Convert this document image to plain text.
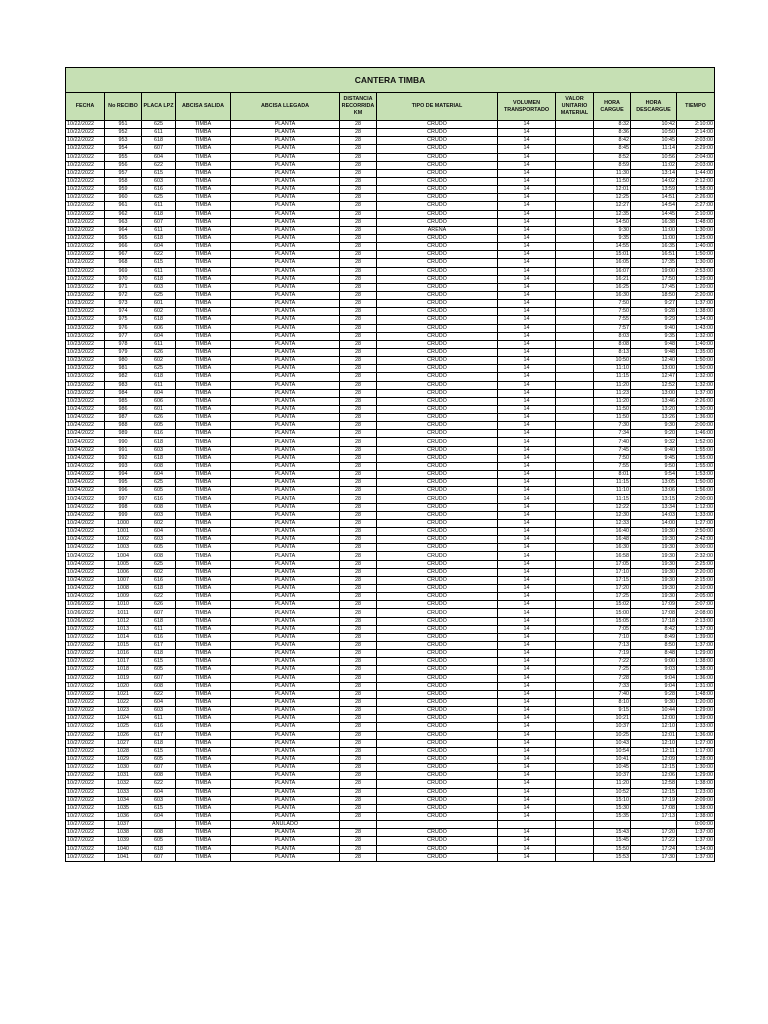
CANTERA TIMBA											
FECHA	No RECIBO	PLACA LPZ	ABCISA SALIDA	ABCISA LLEGADA	DISTANCIA RECORRIDA KM	TIPO DE MATERIAL	VOLUMEN TRANSPORTADO	VALOR UNITARIO MATERIAL	HORA CARGUE	HORA DESCARGUE	TIEMPO
10/22/2022	951	625	TIMBA	PLANTA	28	CRUDO	14		8:32	10:42	2:10:00
10/22/2022	952	611	TIMBA	PLANTA	28	CRUDO	14		8:36	10:50	2:14:00
10/22/2022	953	618	TIMBA	PLANTA	28	CRUDO	14		8:42	10:45	2:03:00
10/22/2022	954	607	TIMBA	PLANTA	28	CRUDO	14		8:45	11:14	2:29:00
10/22/2022	955	604	TIMBA	PLANTA	28	CRUDO	14		8:52	10:56	2:04:00
10/22/2022	956	622	TIMBA	PLANTA	28	CRUDO	14		8:59	11:02	2:03:00
10/22/2022	957	615	TIMBA	PLANTA	28	CRUDO	14		11:30	13:14	1:44:00
10/22/2022	958	603	TIMBA	PLANTA	28	CRUDO	14		11:50	14:02	2:12:00
10/22/2022	959	616	TIMBA	PLANTA	28	CRUDO	14		12:01	13:59	1:58:00
10/22/2022	960	625	TIMBA	PLANTA	28	CRUDO	14		12:25	14:51	2:26:00
10/22/2022	961	611	TIMBA	PLANTA	28	CRUDO	14		12:27	14:54	2:27:00
10/22/2022	962	618	TIMBA	PLANTA	28	CRUDO	14		12:35	14:45	2:10:00
10/22/2022	963	607	TIMBA	PLANTA	28	CRUDO	14		14:50	16:38	1:48:00
10/22/2022	964	611	TIMBA	PLANTA	28	ARENA	14		9:30	11:00	1:30:00
10/22/2022	965	618	TIMBA	PLANTA	28	CRUDO	14		9:35	11:00	1:25:00
10/22/2022	966	604	TIMBA	PLANTA	28	CRUDO	14		14:55	16:35	1:40:00
10/22/2022	967	622	TIMBA	PLANTA	28	CRUDO	14		15:01	16:51	1:50:00
10/22/2022	968	615	TIMBA	PLANTA	28	CRUDO	14		16:05	17:35	1:30:00
10/22/2022	969	611	TIMBA	PLANTA	28	CRUDO	14		16:07	19:00	2:53:00
10/22/2022	970	618	TIMBA	PLANTA	28	CRUDO	14		16:21	17:50	1:29:00
10/23/2022	971	603	TIMBA	PLANTA	28	CRUDO	14		16:25	17:45	1:20:00
10/23/2022	972	625	TIMBA	PLANTA	28	CRUDO	14		16:30	18:50	2:20:00
10/23/2022	973	601	TIMBA	PLANTA	28	CRUDO	14		7:50	9:27	1:37:00
10/23/2022	974	602	TIMBA	PLANTA	28	CRUDO	14		7:50	9:28	1:38:00
10/23/2022	975	618	TIMBA	PLANTA	28	CRUDO	14		7:55	9:29	1:34:00
10/23/2022	976	606	TIMBA	PLANTA	28	CRUDO	14		7:57	9:40	1:43:00
10/23/2022	977	604	TIMBA	PLANTA	28	CRUDO	14		8:03	9:35	1:32:00
10/23/2022	978	611	TIMBA	PLANTA	28	CRUDO	14		8:08	9:48	1:40:00
10/23/2022	979	626	TIMBA	PLANTA	28	CRUDO	14		8:13	9:48	1:35:00
10/23/2022	980	602	TIMBA	PLANTA	28	CRUDO	14		10:50	12:40	1:50:00
10/23/2022	981	625	TIMBA	PLANTA	28	CRUDO	14		11:10	13:00	1:50:00
10/23/2022	982	618	TIMBA	PLANTA	28	CRUDO	14		11:15	12:47	1:32:00
10/23/2022	983	611	TIMBA	PLANTA	28	CRUDO	14		11:20	12:52	1:32:00
10/23/2022	984	604	TIMBA	PLANTA	28	CRUDO	14		11:23	13:00	1:37:00
10/23/2022	985	606	TIMBA	PLANTA	28	CRUDO	14		11:20	13:46	2:26:00
10/24/2022	986	601	TIMBA	PLANTA	28	CRUDO	14		11:50	13:20	1:30:00
10/24/2022	987	626	TIMBA	PLANTA	28	CRUDO	14		11:50	13:26	1:36:00
10/24/2022	988	605	TIMBA	PLANTA	28	CRUDO	14		7:30	9:30	2:00:00
10/24/2022	989	616	TIMBA	PLANTA	28	CRUDO	14		7:34	9:20	1:46:00
10/24/2022	990	618	TIMBA	PLANTA	28	CRUDO	14		7:40	9:32	1:52:00
10/24/2022	991	603	TIMBA	PLANTA	28	CRUDO	14		7:45	9:40	1:55:00
10/24/2022	992	618	TIMBA	PLANTA	28	CRUDO	14		7:50	9:45	1:55:00
10/24/2022	993	608	TIMBA	PLANTA	28	CRUDO	14		7:55	9:50	1:55:00
10/24/2022	994	604	TIMBA	PLANTA	28	CRUDO	14		8:01	9:54	1:53:00
10/24/2022	995	625	TIMBA	PLANTA	28	CRUDO	14		11:15	13:05	1:50:00
10/24/2022	996	605	TIMBA	PLANTA	28	CRUDO	14		11:10	13:06	1:56:00
10/24/2022	997	616	TIMBA	PLANTA	28	CRUDO	14		11:15	13:15	2:00:00
10/24/2022	998	608	TIMBA	PLANTA	28	CRUDO	14		12:22	13:34	1:12:00
10/24/2022	999	603	TIMBA	PLANTA	28	CRUDO	14		12:30	14:03	1:33:00
10/24/2022	1000	602	TIMBA	PLANTA	28	CRUDO	14		12:33	14:00	1:27:00
10/24/2022	1001	604	TIMBA	PLANTA	28	CRUDO	14		16:40	19:30	2:50:00
10/24/2022	1002	603	TIMBA	PLANTA	28	CRUDO	14		16:48	19:30	2:42:00
10/24/2022	1003	605	TIMBA	PLANTA	28	CRUDO	14		16:30	19:30	3:00:00
10/24/2022	1004	608	TIMBA	PLANTA	28	CRUDO	14		16:58	19:30	2:32:00
10/24/2022	1005	625	TIMBA	PLANTA	28	CRUDO	14		17:05	19:30	2:25:00
10/24/2022	1006	602	TIMBA	PLANTA	28	CRUDO	14		17:10	19:30	2:20:00
10/24/2022	1007	616	TIMBA	PLANTA	28	CRUDO	14		17:15	19:30	2:15:00
10/24/2022	1008	618	TIMBA	PLANTA	28	CRUDO	14		17:20	19:30	2:10:00
10/24/2022	1009	622	TIMBA	PLANTA	28	CRUDO	14		17:25	19:30	2:05:00
10/26/2022	1010	626	TIMBA	PLANTA	28	CRUDO	14		15:02	17:09	2:07:00
10/26/2022	1011	607	TIMBA	PLANTA	28	CRUDO	14		15:00	17:08	2:08:00
10/26/2022	1012	618	TIMBA	PLANTA	28	CRUDO	14		15:05	17:18	2:13:00
10/27/2022	1013	611	TIMBA	PLANTA	28	CRUDO	14		7:05	8:42	1:37:00
10/27/2022	1014	616	TIMBA	PLANTA	28	CRUDO	14		7:10	8:49	1:39:00
10/27/2022	1015	617	TIMBA	PLANTA	28	CRUDO	14		7:13	8:50	1:37:00
10/27/2022	1016	618	TIMBA	PLANTA	28	CRUDO	14		7:19	8:48	1:29:00
10/27/2022	1017	615	TIMBA	PLANTA	28	CRUDO	14		7:22	9:00	1:38:00
10/27/2022	1018	605	TIMBA	PLANTA	28	CRUDO	14		7:25	9:03	1:38:00
10/27/2022	1019	607	TIMBA	PLANTA	28	CRUDO	14		7:28	9:04	1:36:00
10/27/2022	1020	608	TIMBA	PLANTA	28	CRUDO	14		7:33	9:04	1:31:00
10/27/2022	1021	622	TIMBA	PLANTA	28	CRUDO	14		7:40	9:28	1:48:00
10/27/2022	1022	604	TIMBA	PLANTA	28	CRUDO	14		8:10	9:30	1:20:00
10/27/2022	1023	603	TIMBA	PLANTA	28	CRUDO	14		9:15	10:44	1:29:00
10/27/2022	1024	611	TIMBA	PLANTA	28	CRUDO	14		10:21	12:00	1:39:00
10/27/2022	1025	616	TIMBA	PLANTA	28	CRUDO	14		10:37	12:10	1:33:00
10/27/2022	1026	617	TIMBA	PLANTA	28	CRUDO	14		10:25	12:01	1:36:00
10/27/2022	1027	618	TIMBA	PLANTA	28	CRUDO	14		10:43	12:10	1:27:00
10/27/2022	1028	615	TIMBA	PLANTA	28	CRUDO	14		10:54	12:11	1:17:00
10/27/2022	1029	605	TIMBA	PLANTA	28	CRUDO	14		10:41	12:09	1:28:00
10/27/2022	1030	607	TIMBA	PLANTA	28	CRUDO	14		10:45	12:15	1:30:00
10/27/2022	1031	608	TIMBA	PLANTA	28	CRUDO	14		10:37	12:06	1:29:00
10/27/2022	1032	622	TIMBA	PLANTA	28	CRUDO	14		11:20	12:58	1:38:00
10/27/2022	1033	604	TIMBA	PLANTA	28	CRUDO	14		10:52	12:15	1:23:00
10/27/2022	1034	603	TIMBA	PLANTA	28	CRUDO	14		15:10	17:19	2:09:00
10/27/2022	1035	615	TIMBA	PLANTA	28	CRUDO	14		15:30	17:08	1:38:00
10/27/2022	1036	604	TIMBA	PLANTA	28	CRUDO	14		15:35	17:13	1:38:00
10/27/2022	1037		TIMBA	ANULADO							0:00:00
10/27/2022	1038	608	TIMBA	PLANTA	28	CRUDO	14		15:43	17:20	1:37:00
10/27/2022	1039	605	TIMBA	PLANTA	28	CRUDO	14		15:45	17:22	1:37:00
10/27/2022	1040	618	TIMBA	PLANTA	28	CRUDO	14		15:50	17:24	1:34:00
10/27/2022	1041	607	TIMBA	PLANTA	28	CRUDO	14		15:53	17:30	1:37:00
